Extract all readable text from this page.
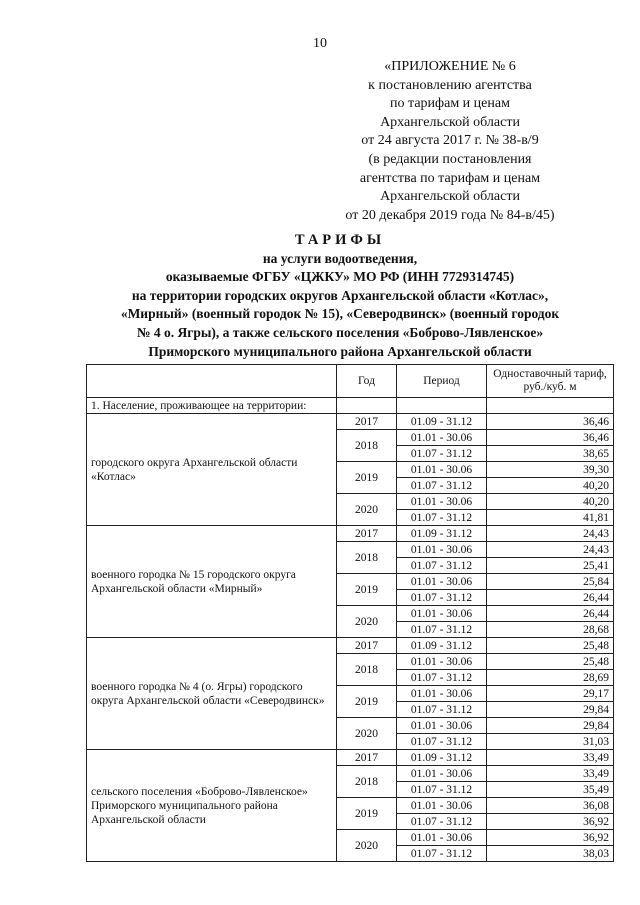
10
«ПРИЛОЖЕНИЕ № 6
к постановлению агентства
по тарифам и ценам
Архангельской области
от 24 августа 2017 г. № 38-в/9
(в редакции постановления
агентства по тарифам и ценам
Архангельской области
от 20 декабря 2019 года № 84-в/45)
ТАРИФЫ
на услуги водоотведения,
оказываемые ФГБУ «ЦЖКУ» МО РФ (ИНН 7729314745)
на территории городских округов Архангельской области «Котлас»,
«Мирный» (военный городок № 15), «Северодвинск» (военный городок
№ 4 о. Ягры), а также сельского поселения «Боброво-Лявленское»
Приморского муниципального района Архангельской области
	Год	Период	Одноставочный тариф, руб./куб. м
1. Население, проживающее на территории:			
городского округа Архангельской области «Котлас»	2017	01.09 - 31.12	36,46
	2018	01.01 - 30.06	36,46
		01.07 - 31.12	38,65
	2019	01.01 - 30.06	39,30
		01.07 - 31.12	40,20
	2020	01.01 - 30.06	40,20
		01.07 - 31.12	41,81
военного городка № 15 городского округа Архангельской области «Мирный»	2017	01.09 - 31.12	24,43
	2018	01.01 - 30.06	24,43
		01.07 - 31.12	25,41
	2019	01.01 - 30.06	25,84
		01.07 - 31.12	26,44
	2020	01.01 - 30.06	26,44
		01.07 - 31.12	28,68
военного городка № 4 (о. Ягры) городского округа Архангельской области «Северодвинск»	2017	01.09 - 31.12	25,48
	2018	01.01 - 30.06	25,48
		01.07 - 31.12	28,69
	2019	01.01 - 30.06	29,17
		01.07 - 31.12	29,84
	2020	01.01 - 30.06	29,84
		01.07 - 31.12	31,03
сельского поселения «Боброво-Лявленское» Приморского муниципального района Архангельской области	2017	01.09 - 31.12	33,49
	2018	01.01 - 30.06	33,49
		01.07 - 31.12	35,49
	2019	01.01 - 30.06	36,08
		01.07 - 31.12	36,92
	2020	01.01 - 30.06	36,92
		01.07 - 31.12	38,03
